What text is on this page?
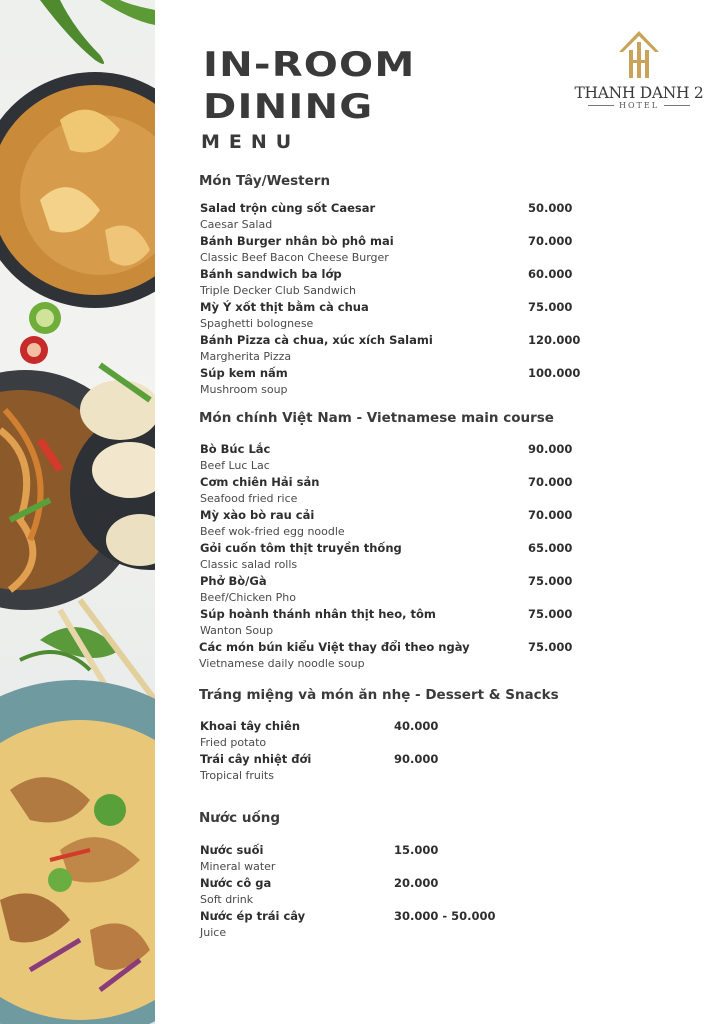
IN-ROOM
DINING
MENU
THANH DANH 2
HOTEL
Món Tây/Western
Salad trộn cùng sốt Caesar	50.000
Caesar Salad
Bánh Burger nhân bò phô mai	70.000
Classic Beef Bacon Cheese Burger
Bánh sandwich ba lớp	60.000
Triple Decker Club Sandwich
Mỳ Ý xốt thịt bằm cà chua	75.000
Spaghetti bolognese
Bánh Pizza cà chua, xúc xích Salami	120.000
Margherita Pizza
Súp kem nấm	100.000
Mushroom soup
Món chính Việt Nam - Vietnamese main course
Bò Búc Lắc	90.000
Beef Luc Lac
Cơm chiên Hải sản	70.000
Seafood fried rice
Mỳ xào bò rau cải	70.000
Beef wok-fried egg noodle
Gỏi cuốn tôm thịt truyền thống	65.000
Classic salad rolls
Phở Bò/Gà	75.000
Beef/Chicken Pho
Súp hoành thánh nhân thịt heo, tôm	75.000
Wanton Soup
Các món bún kiểu Việt thay đổi theo ngày	75.000
Vietnamese daily noodle soup
Tráng miệng và món ăn nhẹ - Dessert & Snacks
Khoai tây chiên	40.000
Fried potato
Trái cây nhiệt đới	90.000
Tropical fruits
Nước uống
Nước suối	15.000
Mineral water
Nước cô ga	20.000
Soft drink
Nước ép trái cây	30.000 - 50.000
Juice
